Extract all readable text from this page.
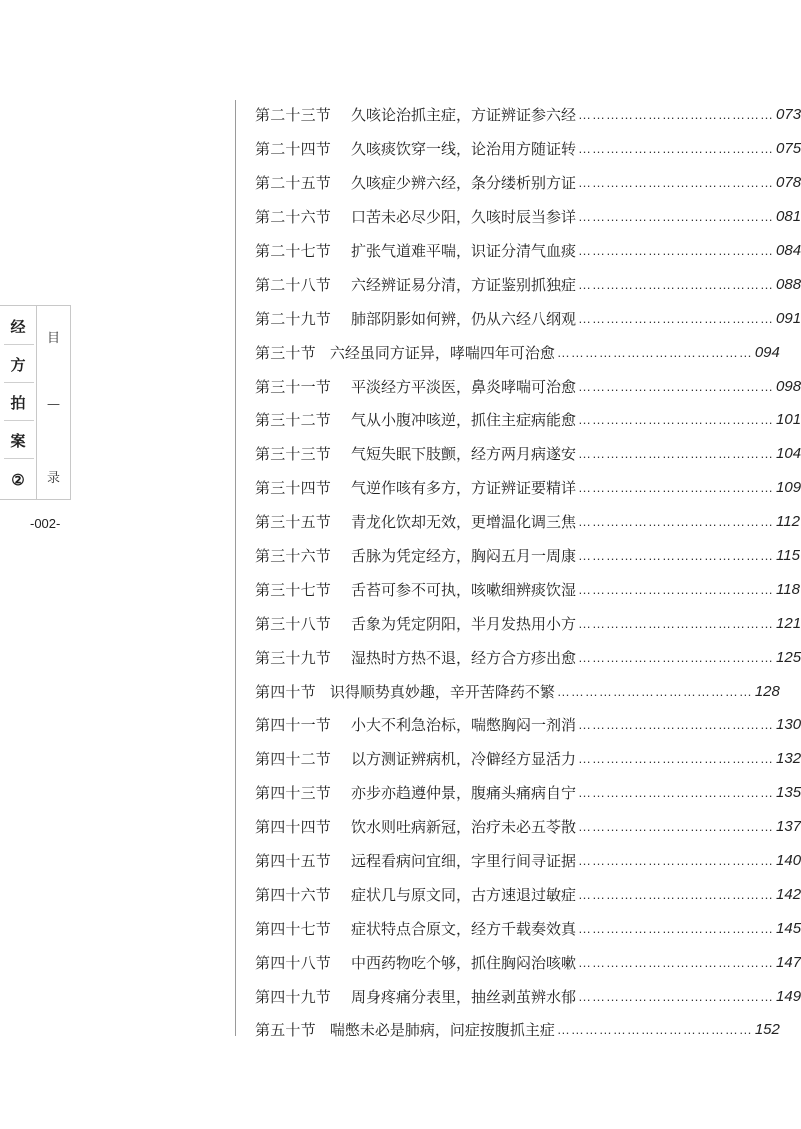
经
方
拍
案
②
目
—
录
-002-
第二十三节 久咳论治抓主症，方证辨证参六经 …………………………………… 073
第二十四节 久咳痰饮穿一线，论治用方随证转 …………………………………… 075
第二十五节 久咳症少辨六经，条分缕析别方证 …………………………………… 078
第二十六节 口苦未必尽少阳，久咳时辰当参详 …………………………………… 081
第二十七节 扩张气道难平喘，识证分清气血痰 …………………………………… 084
第二十八节 六经辨证易分清，方证鉴别抓独症 …………………………………… 088
第二十九节 肺部阴影如何辨，仍从六经八纲观 …………………………………… 091
第三十节 六经虽同方证异，哮喘四年可治愈 …………………………………… 094
第三十一节 平淡经方平淡医，鼻炎哮喘可治愈 …………………………………… 098
第三十二节 气从小腹冲咳逆，抓住主症病能愈 …………………………………… 101
第三十三节 气短失眠下肢颤，经方两月病遂安 …………………………………… 104
第三十四节 气逆作咳有多方，方证辨证要精详 …………………………………… 109
第三十五节 青龙化饮却无效，更增温化调三焦 …………………………………… 112
第三十六节 舌脉为凭定经方，胸闷五月一周康 …………………………………… 115
第三十七节 舌苔可参不可执，咳嗽细辨痰饮湿 …………………………………… 118
第三十八节 舌象为凭定阴阳，半月发热用小方 …………………………………… 121
第三十九节 湿热时方热不退，经方合方疹出愈 …………………………………… 125
第四十节 识得顺势真妙趣，辛开苦降药不繁 …………………………………… 128
第四十一节 小大不利急治标，喘憋胸闷一剂消 …………………………………… 130
第四十二节 以方测证辨病机，冷僻经方显活力 …………………………………… 132
第四十三节 亦步亦趋遵仲景，腹痛头痛病自宁 …………………………………… 135
第四十四节 饮水则吐病新冠，治疗未必五苓散 …………………………………… 137
第四十五节 远程看病问宜细，字里行间寻证据 …………………………………… 140
第四十六节 症状几与原文同，古方速退过敏症 …………………………………… 142
第四十七节 症状特点合原文，经方千载奏效真 …………………………………… 145
第四十八节 中西药物吃个够，抓住胸闷治咳嗽 …………………………………… 147
第四十九节 周身疼痛分表里，抽丝剥茧辨水郁 …………………………………… 149
第五十节 喘憋未必是肺病，问症按腹抓主症 …………………………………… 152
